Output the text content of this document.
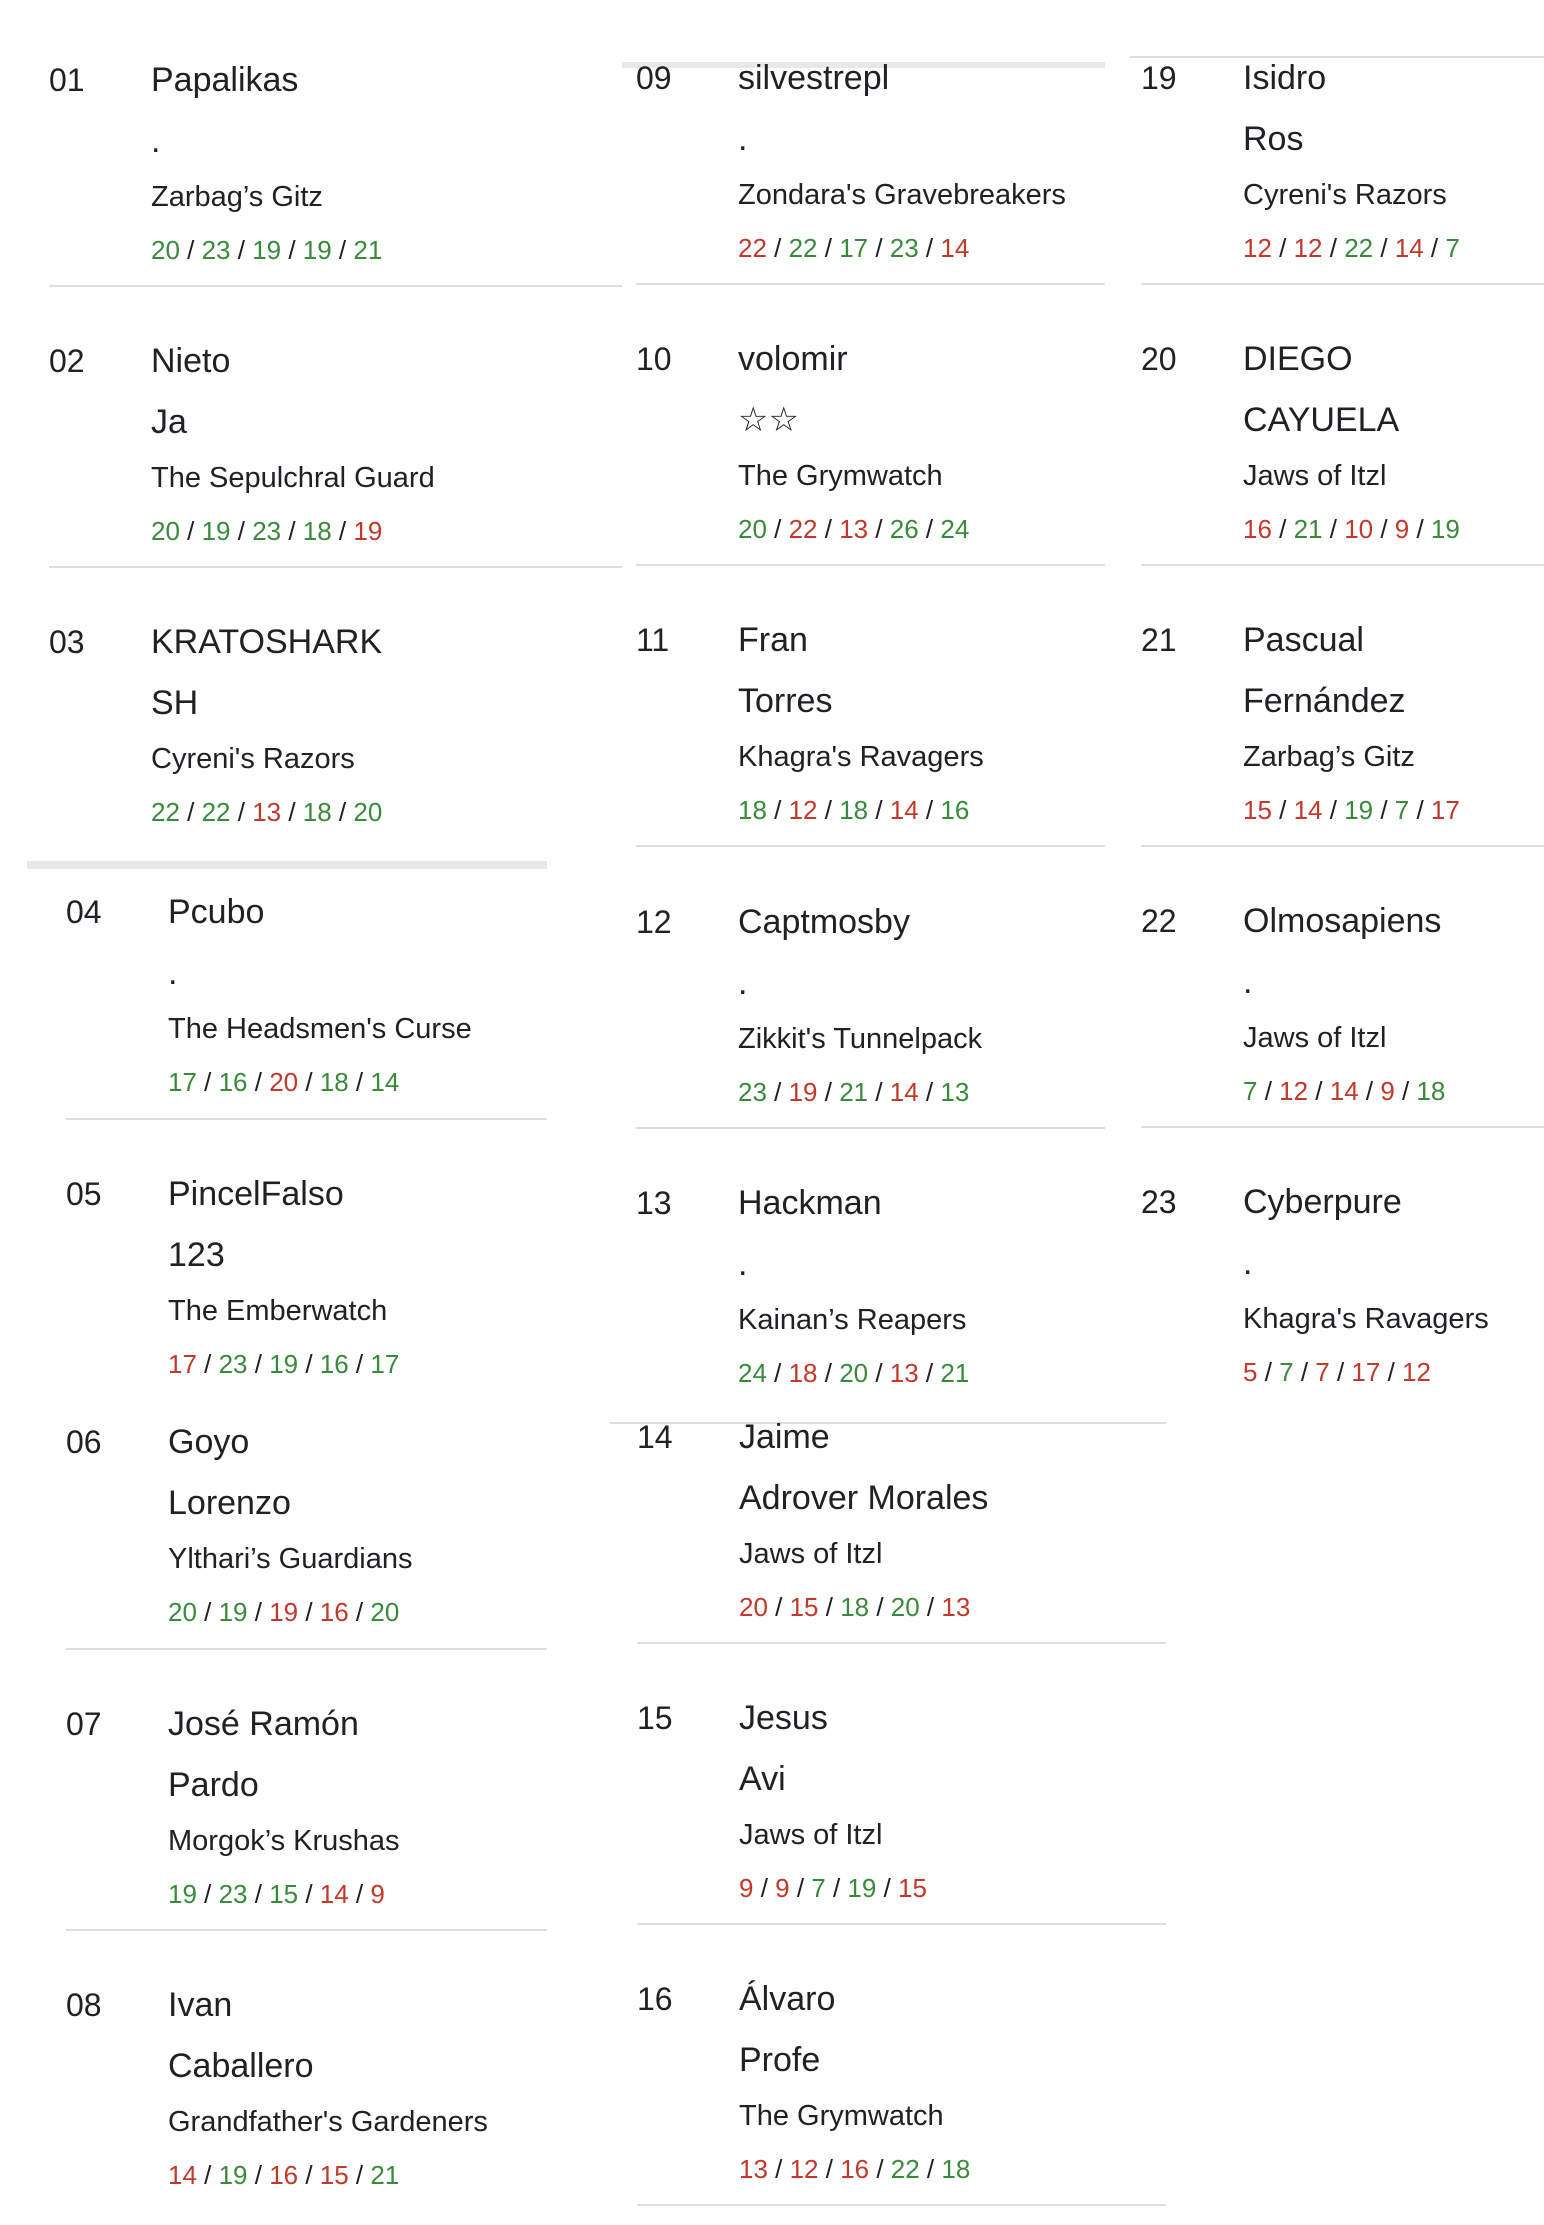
01 Papalikas
.
Zarbag’s Gitz
20 / 23 / 19 / 19 / 21
02 Nieto
Ja
The Sepulchral Guard
20 / 19 / 23 / 18 / 19
03 KRATOSHARK
SH
Cyreni's Razors
22 / 22 / 13 / 18 / 20
04 Pcubo
.
The Headsmen's Curse
17 / 16 / 20 / 18 / 14
05 PincelFalso
123
The Emberwatch
17 / 23 / 19 / 16 / 17
06 Goyo
Lorenzo
Ylthari’s Guardians
20 / 19 / 19 / 16 / 20
07 José Ramón
Pardo
Morgok’s Krushas
19 / 23 / 15 / 14 / 9
08 Ivan
Caballero
Grandfather's Gardeners
14 / 19 / 16 / 15 / 21
09 silvestrepl
.
Zondara's Gravebreakers
22 / 22 / 17 / 23 / 14
10 volomir
☆☆
The Grymwatch
20 / 22 / 13 / 26 / 24
11 Fran
Torres
Khagra's Ravagers
18 / 12 / 18 / 14 / 16
12 Captmosby
.
Zikkit's Tunnelpack
23 / 19 / 21 / 14 / 13
13 Hackman
.
Kainan’s Reapers
24 / 18 / 20 / 13 / 21
14 Jaime
Adrover Morales
Jaws of Itzl
20 / 15 / 18 / 20 / 13
15 Jesus
Avi
Jaws of Itzl
9 / 9 / 7 / 19 / 15
16 Álvaro
Profe
The Grymwatch
13 / 12 / 16 / 22 / 18
19 Isidro
Ros
Cyreni's Razors
12 / 12 / 22 / 14 / 7
20 DIEGO
CAYUELA
Jaws of Itzl
16 / 21 / 10 / 9 / 19
21 Pascual
Fernández
Zarbag’s Gitz
15 / 14 / 19 / 7 / 17
22 Olmosapiens
.
Jaws of Itzl
7 / 12 / 14 / 9 / 18
23 Cyberpure
.
Khagra's Ravagers
5 / 7 / 7 / 17 / 12
